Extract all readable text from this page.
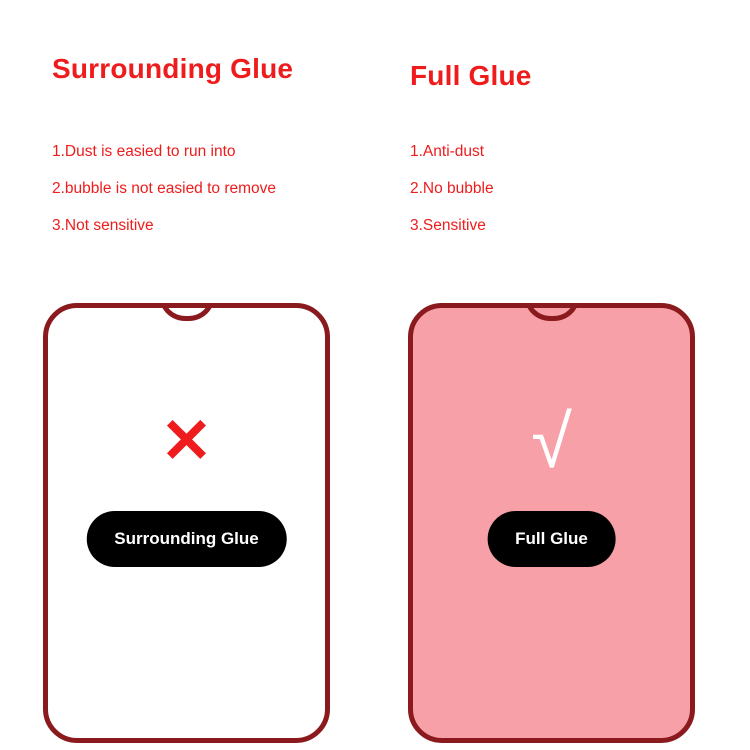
Surrounding Glue
1.Dust is easied to run into
2.bubble is not easied to remove
3.Not sensitive
✕
Surrounding Glue
Full Glue
1.Anti-dust
2.No bubble
3.Sensitive
√
Full Glue
